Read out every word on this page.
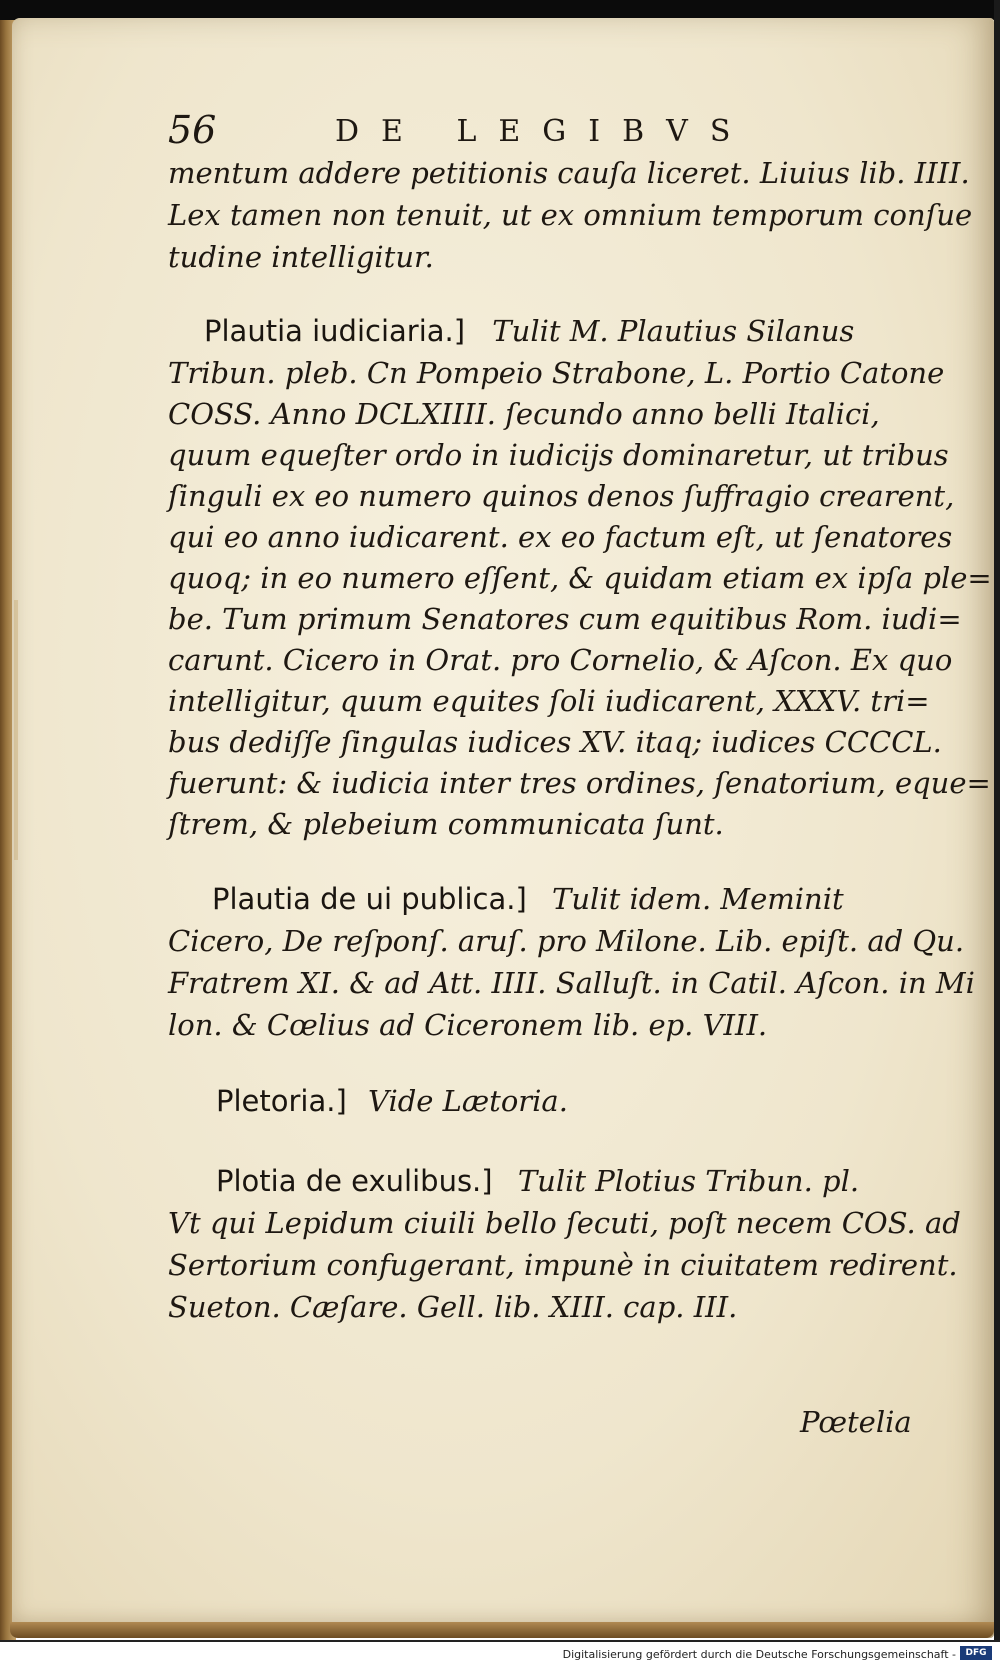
56	DE LEGIBVS
mentum addere petitionis cauſa liceret. Liuius lib. IIII.
Lex tamen non tenuit, ut ex omnium temporum conſue
tudine intelligitur.
Plautia iudiciaria.] Tulit M. Plautius Silanus
Tribun. pleb. Cn Pompeio Strabone, L. Portio Catone
COSS. Anno DCLXIIII. ſecundo anno belli Italici,
quum equeſter ordo in iudicijs dominaretur, ut tribus
ſinguli ex eo numero quinos denos ſuffragio crearent,
qui eo anno iudicarent. ex eo factum eſt, ut ſenatores
quoq; in eo numero eſſent, & quidam etiam ex ipſa ple=
be. Tum primum Senatores cum equitibus Rom. iudi=
carunt. Cicero in Orat. pro Cornelio, & Aſcon. Ex quo
intelligitur, quum equites ſoli iudicarent, XXXV. tri=
bus dediſſe ſingulas iudices XV. itaq; iudices CCCCL.
fuerunt: & iudicia inter tres ordines, ſenatorium, eque=
ſtrem, & plebeium communicata ſunt.
Plautia de ui publica.] Tulit idem. Meminit
Cicero, De reſponſ. aruſ. pro Milone. Lib. epiſt. ad Qu.
Fratrem XI. & ad Att. IIII. Salluſt. in Catil. Aſcon. in Mi
lon. & Cœlius ad Ciceronem lib. ep. VIII.
Pletoria.] Vide Lætoria.
Plotia de exulibus.] Tulit Plotius Tribun. pl.
Vt qui Lepidum ciuili bello ſecuti, poſt necem COS. ad
Sertorium confugerant, impunè in ciuitatem redirent.
Sueton. Cæſare. Gell. lib. XIII. cap. III.
Pœtelia
Digitalisierung gefördert durch die Deutsche Forschungsgemeinschaft -	DFG
